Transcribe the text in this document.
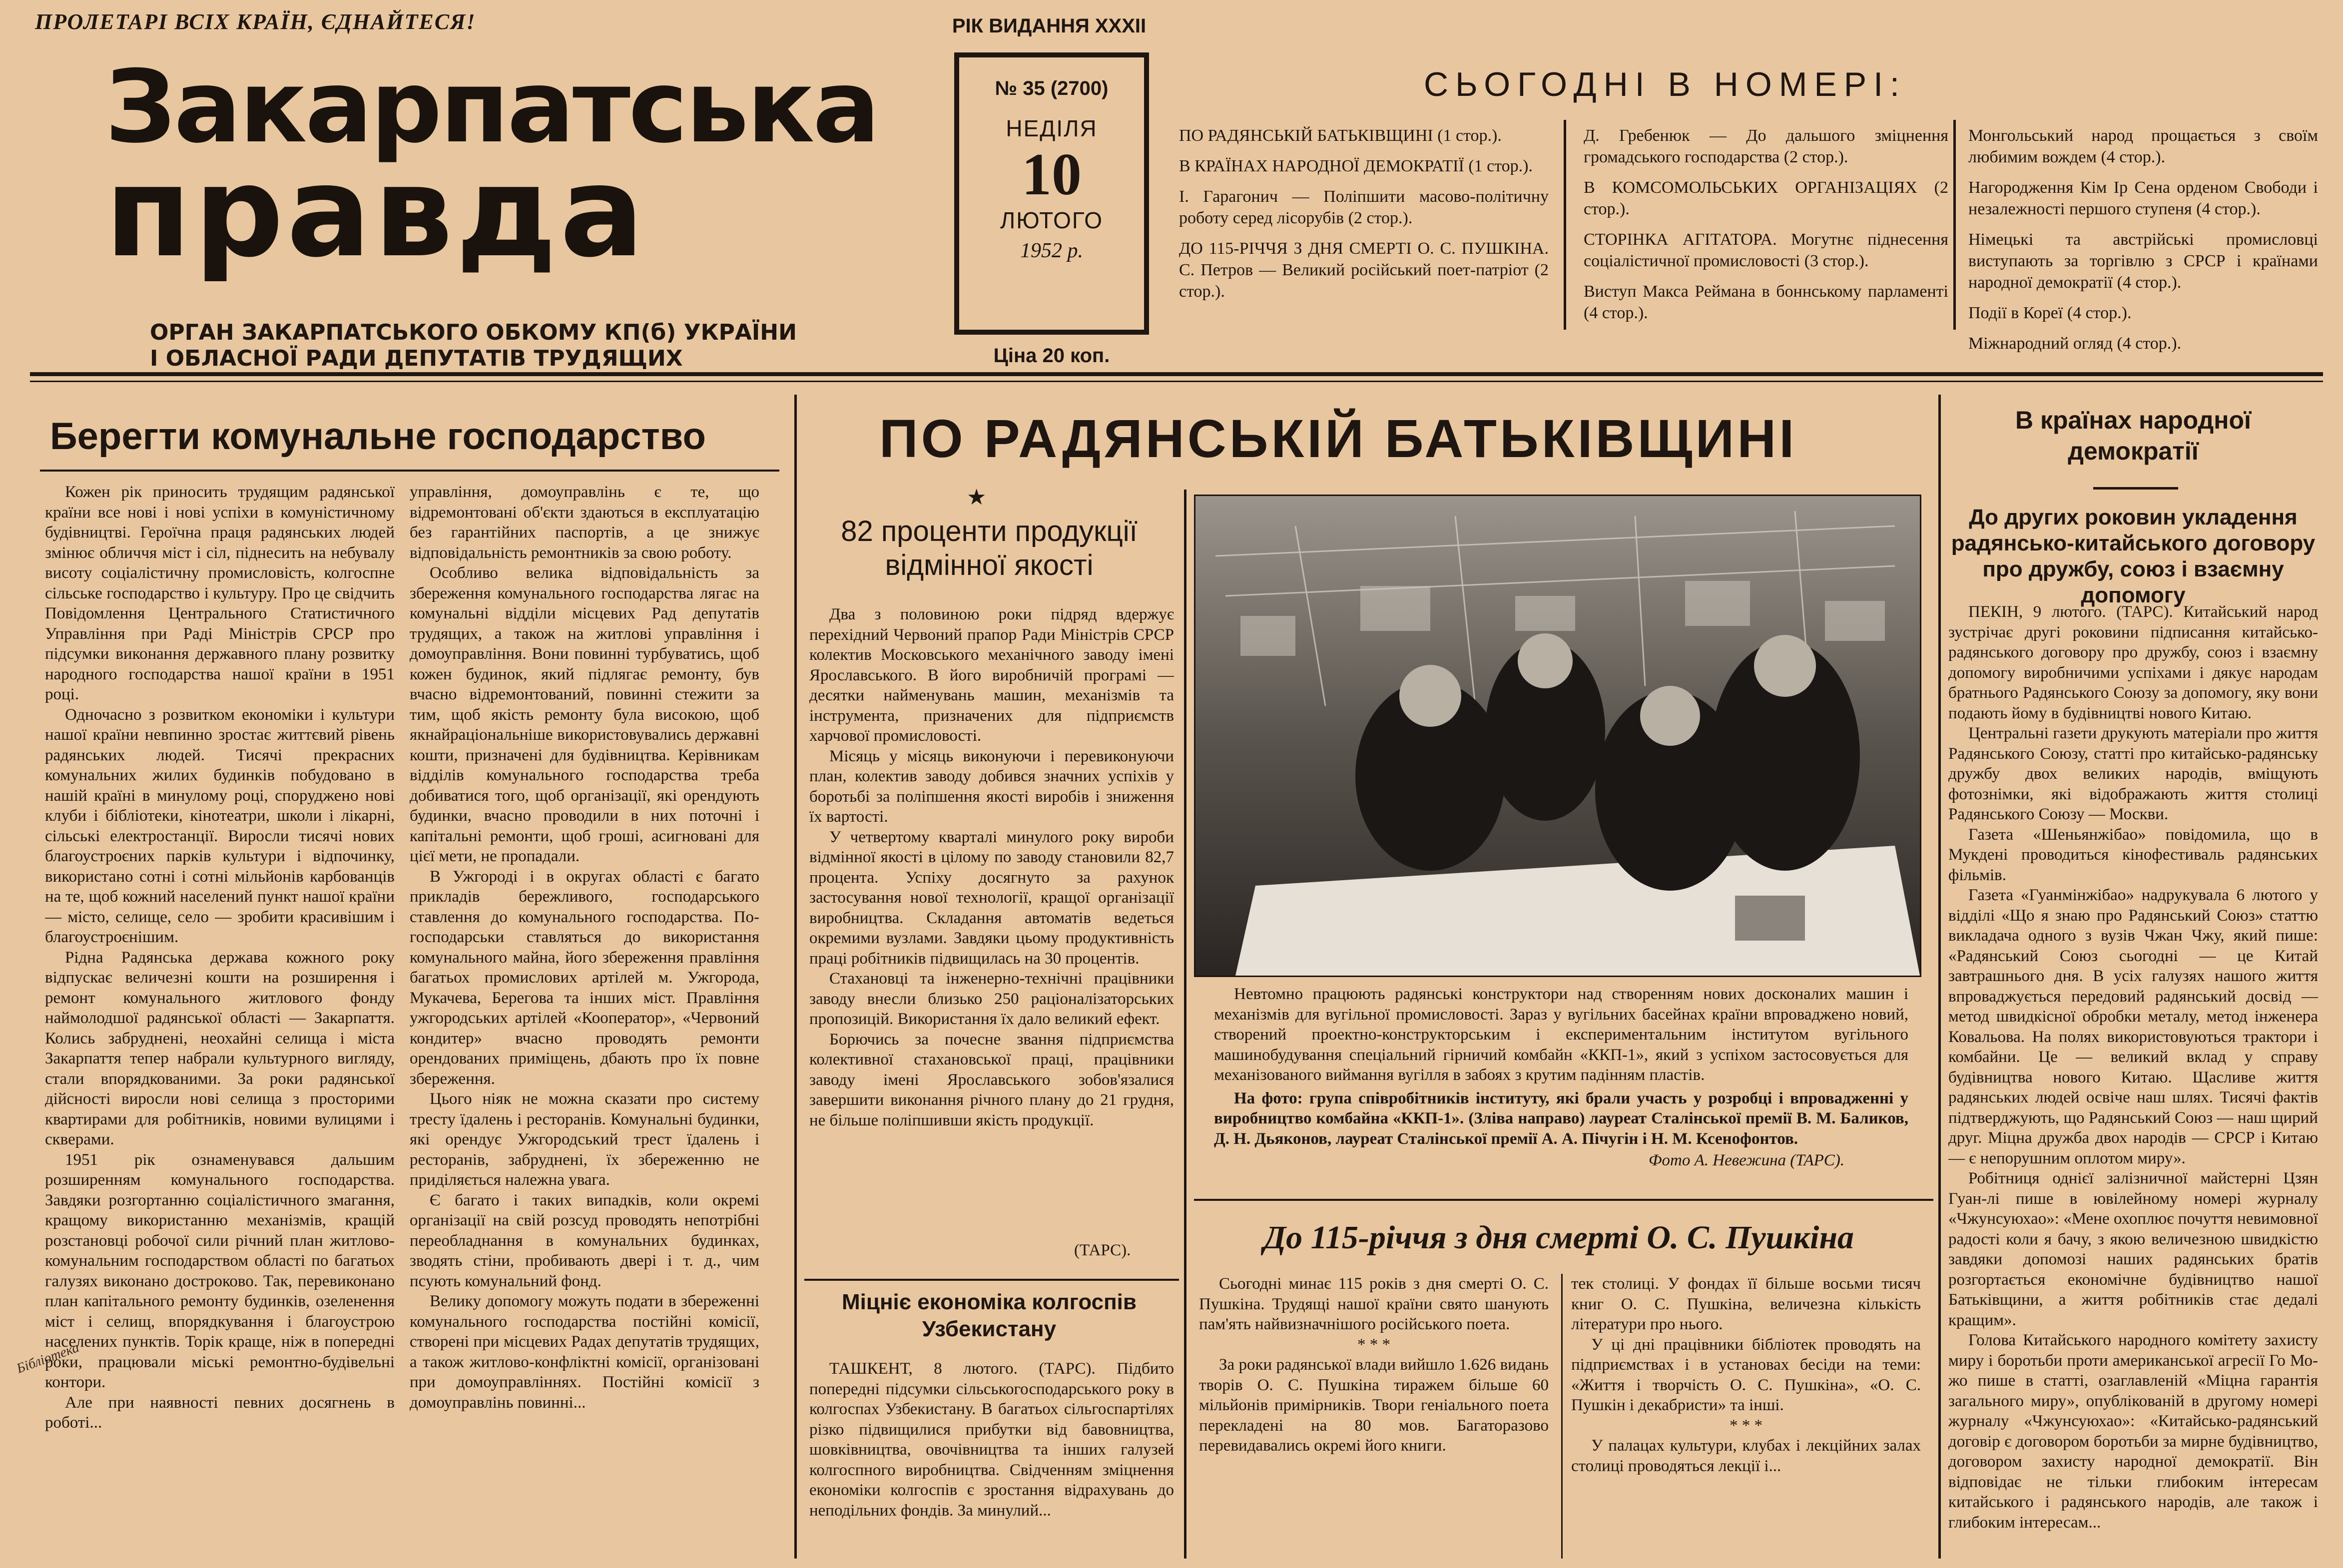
ПРОЛЕТАРІ ВСІХ КРАЇН, ЄДНАЙТЕСЯ!
Закарпатська
правда
ОРГАН ЗАКАРПАТСЬКОГО ОБКОМУ КП(б) УКРАЇНИ
І ОБЛАСНОЇ РАДИ ДЕПУТАТІВ ТРУДЯЩИХ
РІК ВИДАННЯ XXXII
№ 35 (2700)
НЕДІЛЯ
10
ЛЮТОГО
1952 р.
Ціна 20 коп.
СЬОГОДНІ В НОМЕРІ:

ПО РАДЯНСЬКІЙ БАТЬКІВЩИНІ (1 стор.).

В КРАЇНАХ НАРОДНОЇ ДЕМОКРАТІЇ (1 стор.).

І. Гарагонич — Поліпшити масово-політичну роботу серед лісорубів (2 стор.).

ДО 115-РІЧЧЯ З ДНЯ СМЕРТІ О. С. ПУШКІНА. С. Петров — Великий російський поет-патріот (2 стор.).

Д. Гребенюк — До дальшого зміцнення громадського господарства (2 стор.).

В КОМСОМОЛЬСЬКИХ ОРГАНІЗАЦІЯХ (2 стор.).

СТОРІНКА АГІТАТОРА. Могутнє піднесення соціалістичної промисловості (3 стор.).

Виступ Макса Реймана в боннському парламенті (4 стор.).

Монгольський народ прощається з своїм любимим вождем (4 стор.).

Нагородження Кім Ір Сена орденом Свободи і незалежності першого ступеня (4 стор.).

Німецькі та австрійські промисловці виступають за торгівлю з СРСР і країнами народної демократії (4 стор.).

Події в Кореї (4 стор.).

Міжнародний огляд (4 стор.).

Берегти комунальне господарство

Кожен рік приносить трудящим радянської країни все нові і нові успіхи в комуністичному будівництві. Героїчна праця радянських людей змінює обличчя міст і сіл, піднесить на небувалу висоту соціалістичну промисловість, колгоспне сільське господарство і культуру. Про це свідчить Повідомлення Центрального Статистичного Управління при Раді Міністрів СРСР про підсумки виконання державного плану розвитку народного господарства нашої країни в 1951 році.

Одночасно з розвитком економіки і культури нашої країни невпинно зростає життєвий рівень радянських людей. Тисячі прекрасних комунальних жилих будинків побудовано в нашій країні в минулому році, споруджено нові клуби і бібліотеки, кінотеатри, школи і лікарні, сільські електростанції. Виросли тисячі нових благоустроєних парків культури і відпочинку, використано сотні і сотні мільйонів карбованців на те, щоб кожний населений пункт нашої країни — місто, селище, село — зробити красивішим і благоустроєнішим.

Рідна Радянська держава кожного року відпускає величезні кошти на розширення і ремонт комунального житлового фонду наймолодшої радянської області — Закарпаття. Колись забруднені, неохайні селища і міста Закарпаття тепер набрали культурного вигляду, стали впорядкованими. За роки радянської дійсності виросли нові селища з просторими квартирами для робітників, новими вулицями і скверами.

1951 рік ознаменувався дальшим розширенням комунального господарства. Завдяки розгортанню соціалістичного змагання, кращому використанню механізмів, кращій розстановці робочої сили річний план житлово-комунальним господарством області по багатьох галузях виконано достроково. Так, перевиконано план капітального ремонту будинків, озеленення міст і селищ, впорядкування і благоустрою населених пунктів. Торік краще, ніж в попередні роки, працювали міські ремонтно-будівельні контори.

Але при наявності певних досягнень в роботі...

управління, домоуправлінь є те, що відремонтовані об'єкти здаються в експлуатацію без гарантійних паспортів, а це знижує відповідальність ремонтників за свою роботу.

Особливо велика відповідальність за збереження комунального господарства лягає на комунальні відділи місцевих Рад депутатів трудящих, а також на житлові управління і домоуправління. Вони повинні турбуватись, щоб кожен будинок, який підлягає ремонту, був вчасно відремонтований, повинні стежити за тим, щоб якість ремонту була високою, щоб якнайраціональніше використовувались державні кошти, призначені для будівництва. Керівникам відділів комунального господарства треба добиватися того, щоб організації, які орендують будинки, вчасно проводили в них поточні і капітальні ремонти, щоб гроші, асигновані для цієї мети, не пропадали.

В Ужгороді і в округах області є багато прикладів бережливого, господарського ставлення до комунального господарства. По-господарськи ставляться до використання комунального майна, його збереження правління багатьох промислових артілей м. Ужгорода, Мукачева, Берегова та інших міст. Правління ужгородських артілей «Кооператор», «Червоний кондитер» вчасно проводять ремонти орендованих приміщень, дбають про їх повне збереження.

Цього ніяк не можна сказати про систему тресту їдалень і ресторанів. Комунальні будинки, які орендує Ужгородський трест їдалень і ресторанів, забруднені, їх збереженню не приділяється належна увага.

Є багато і таких випадків, коли окремі організації на свій розсуд проводять непотрібні переобладнання в комунальних будинках, зводять стіни, пробивають двері і т. д., чим псують комунальний фонд.

Велику допомогу можуть подати в збереженні комунального господарства постійні комісії, створені при місцевих Радах депутатів трудящих, а також житлово-конфліктні комісії, організовані при домоуправліннях. Постійні комісії з домоуправлінь повинні...

ПО РАДЯНСЬКІЙ БАТЬКІВЩИНІ
★
82 проценти продукції
відмінної якості

Два з половиною роки підряд вдержує перехідний Червоний прапор Ради Міністрів СРСР колектив Московського механічного заводу імені Ярославського. В його виробничій програмі — десятки найменувань машин, механізмів та інструмента, призначених для підприємств харчової промисловості.

Місяць у місяць виконуючи і перевиконуючи план, колектив заводу добився значних успіхів у боротьбі за поліпшення якості виробів і зниження їх вартості.

У четвертому кварталі минулого року вироби відмінної якості в цілому по заводу становили 82,7 процента. Успіху досягнуто за рахунок застосування нової технології, кращої організації виробництва. Складання автоматів ведеться окремими вузлами. Завдяки цьому продуктивність праці робітників підвищилась на 30 процентів.

Стахановці та інженерно-технічні працівники заводу внесли близько 250 раціоналізаторських пропозицій. Використання їх дало великий ефект.

Борючись за почесне звання підприємства колективної стахановської праці, працівники заводу імені Ярославського зобов'язалися завершити виконання річного плану до 21 грудня, не більше поліпшивши якість продукції.

(ТАРС).
Міцніє економіка колгоспів Узбекистану

ТАШКЕНТ, 8 лютого. (ТАРС). Підбито попередні підсумки сільськогосподарського року в колгоспах Узбекистану. В багатьох сільгоспартілях різко підвищилися прибутки від бавовництва, шовківництва, овочівництва та інших галузей колгоспного виробництва. Свідченням зміцнення економіки колгоспів є зростання відрахувань до неподільних фондів. За минулий...

Невтомно працюють радянські конструктори над створенням нових досконалих машин і механізмів для вугільної промисловості. Зараз у вугільних басейнах країни впроваджено новий, створений проектно-конструкторським і експериментальним інститутом вугільного машинобудування спеціальний гірничий комбайн «ККП-1», який з успіхом застосовується для механізованого виймання вугілля в забоях з крутим падінням пластів.

На фото: група співробітників інституту, які брали участь у розробці і впровадженні у виробництво комбайна «ККП-1». (Зліва направо) лауреат Сталінської премії В. М. Баликов, Д. Н. Дьяконов, лауреат Сталінської премії А. А. Пічугін і Н. М. Ксенофонтов.

Фото А. Невежина (ТАРС).
До 115-річчя з дня смерті О. С. Пушкіна

Сьогодні минає 115 років з дня смерті О. С. Пушкіна. Трудящі нашої країни свято шанують пам'ять найвизначнішого російського поета.

* * *

За роки радянської влади вийшло 1.626 видань творів О. С. Пушкіна тиражем більше 60 мільйонів примірників. Твори геніального поета перекладені на 80 мов. Багаторазово перевидавались окремі його книги.

тек столиці. У фондах її більше восьми тисяч книг О. С. Пушкіна, величезна кількість літератури про нього.

У ці дні працівники бібліотек проводять на підприємствах і в установах бесіди на теми: «Життя і творчість О. С. Пушкіна», «О. С. Пушкін і декабристи» та інші.

* * *

У палацах культури, клубах і лекційних залах столиці проводяться лекції і...

В країнах народної
демократії
До других роковин укладення радянсько-китайського договору про дружбу, союз і взаємну допомогу

ПЕКІН, 9 лютого. (ТАРС). Китайський народ зустрічає другі роковини підписання китайсько-радянського договору про дружбу, союз і взаємну допомогу виробничими успіхами і дякує народам братнього Радянського Союзу за допомогу, яку вони подають йому в будівництві нового Китаю.

Центральні газети друкують матеріали про життя Радянського Союзу, статті про китайсько-радянську дружбу двох великих народів, вміщують фотознімки, які відображають життя столиці Радянського Союзу — Москви.

Газета «Шеньянжібао» повідомила, що в Мукдені проводиться кінофестиваль радянських фільмів.

Газета «Гуанмінжібао» надрукувала 6 лютого у відділі «Що я знаю про Радянський Союз» статтю викладача одного з вузів Чжан Чжу, який пише: «Радянський Союз сьогодні — це Китай завтрашнього дня. В усіх галузях нашого життя впроваджується передовий радянський досвід — метод швидкісної обробки металу, метод інженера Ковальова. На полях використовуються трактори і комбайни. Це — великий вклад у справу будівництва нового Китаю. Щасливе життя радянських людей освіче наш шлях. Тисячі фактів підтверджують, що Радянський Союз — наш щирий друг. Міцна дружба двох народів — СРСР і Китаю — є непорушним оплотом миру».

Робітниця однієї залізничної майстерні Цзян Гуан-лі пише в ювілейному номері журналу «Чжунсуюхао»: «Мене охоплює почуття невимовної радості коли я бачу, з якою величезною швидкістю завдяки допомозі наших радянських братів розгортається економічне будівництво нашої Батьківщини, а життя робітників стає дедалі кращим».

Голова Китайського народного комітету захисту миру і боротьби проти американської агресії Го Мо-жо пише в статті, озаглавленій «Міцна гарантія загального миру», опублікованій в другому номері журналу «Чжунсуюхао»: «Китайсько-радянський договір є договором боротьби за мирне будівництво, договором захисту народної демократії. Він відповідає не тільки глибоким інтересам китайського і радянського народів, але також і глибоким інтересам...

Бібліотека
